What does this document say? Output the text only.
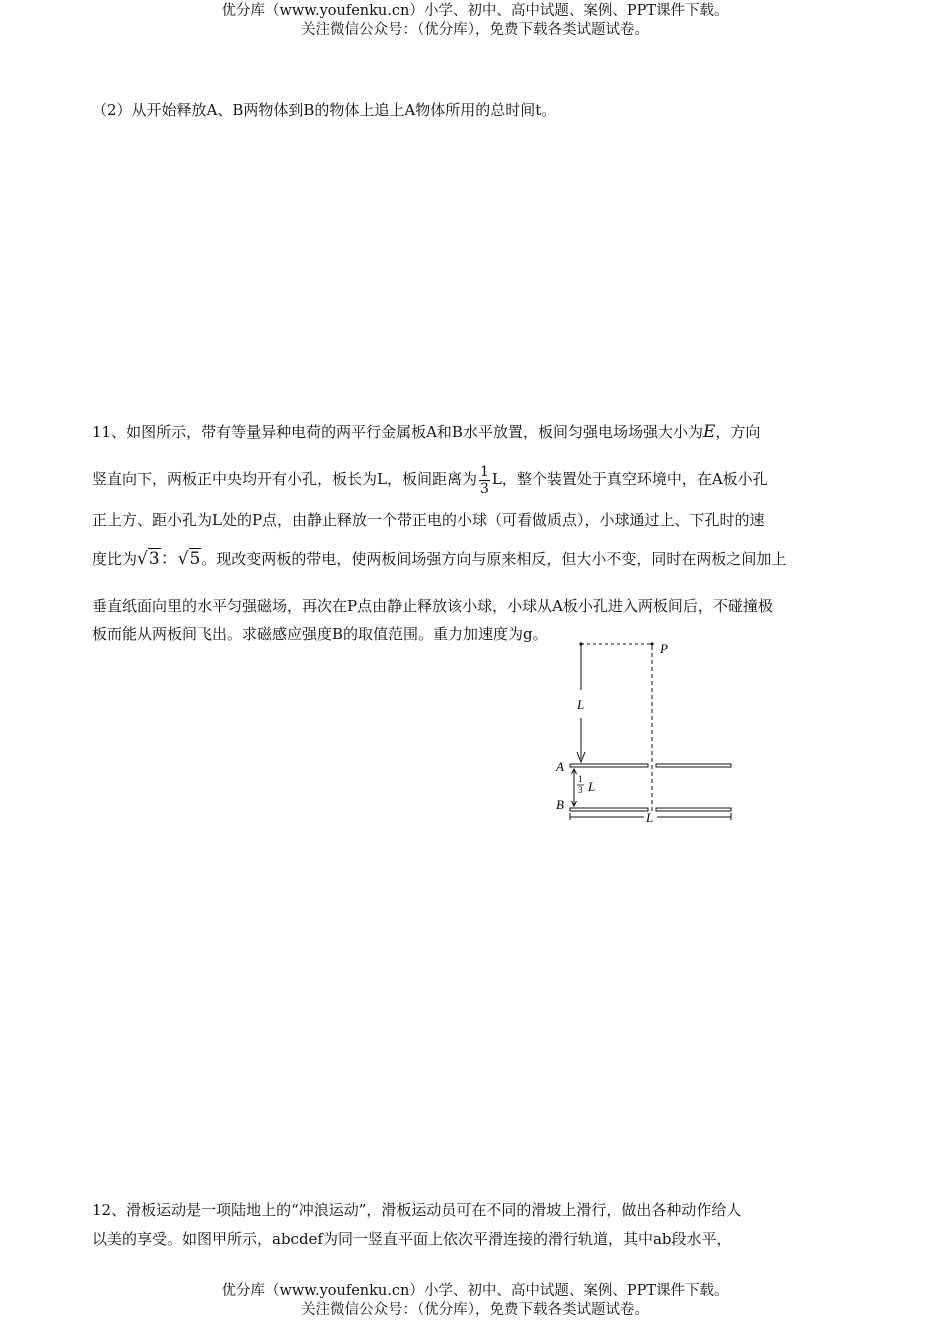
优分库（www.youfenku.cn）小学、初中、高中试题、案例、PPT课件下载。
关注微信公众号：（优分库），免费下载各类试题试卷。
（2）从开始释放A、B两物体到B的物体上追上A物体所用的总时间t。
11、如图所示，带有等量异种电荷的两平行金属板A和B水平放置，板间匀强电场场强大小为E，方向
竖直向下，两板正中央均开有小孔，板长为L，板间距离为 $\frac{1}{3}$ L，整个装置处于真空环境中，在A板小孔
正上方、距小孔为L处的P点，由静止释放一个带正电的小球（可看做质点），小球通过上、下孔时的速
度比为√3：√5。现改变两板的带电，使两板间场强方向与原来相反，但大小不变，同时在两板之间加上
垂直纸面向里的水平匀强磁场，再次在P点由静止释放该小球，小球从A板小孔进入两板间后，不碰撞极
板而能从两板间飞出。求磁感应强度B的取值范围。重力加速度为g。
P
L
A
B
1
3 L
L
12、滑板运动是一项陆地上的“冲浪运动”，滑板运动员可在不同的滑坡上滑行，做出各种动作给人
以美的享受。如图甲所示，abcdef为同一竖直平面上依次平滑连接的滑行轨道，其中ab段水平，
优分库（www.youfenku.cn）小学、初中、高中试题、案例、PPT课件下载。
关注微信公众号：（优分库），免费下载各类试题试卷。
